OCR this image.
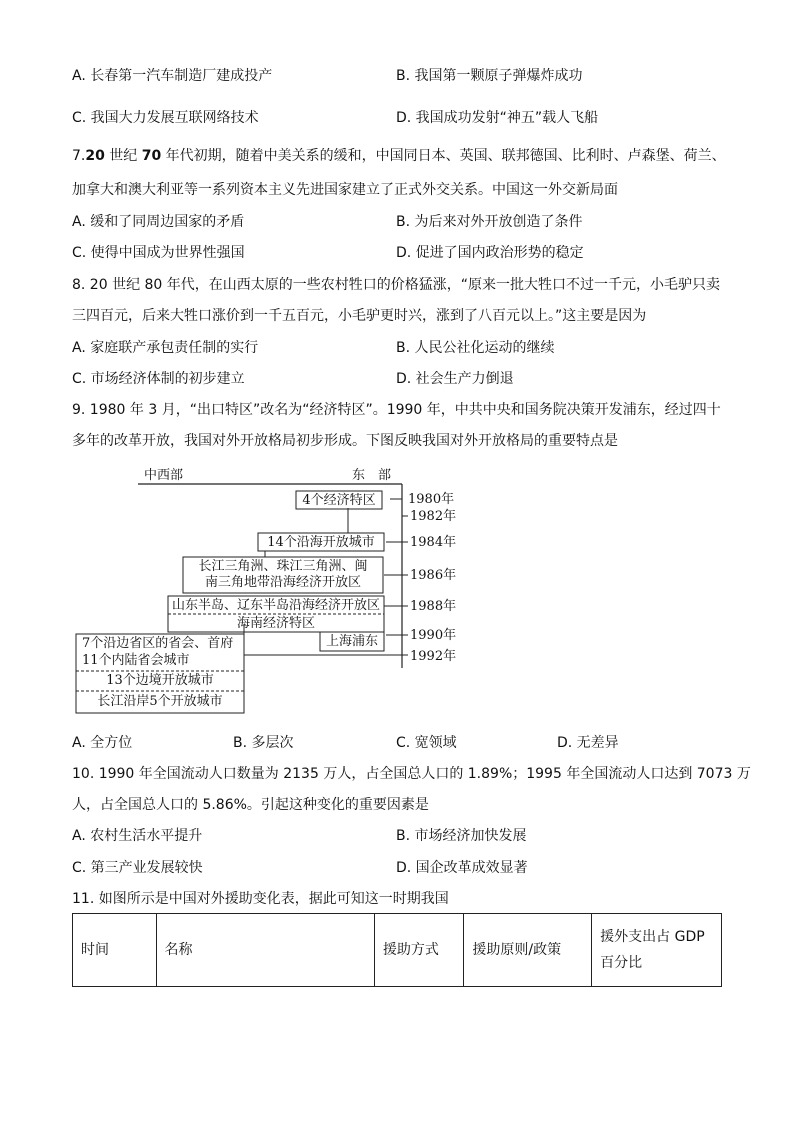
A. 长春第一汽车制造厂建成投产	B. 我国第一颗原子弹爆炸成功
C. 我国大力发展互联网络技术	D. 我国成功发射“神五”载人飞船
7.20 世纪 70 年代初期，随着中美关系的缓和，中国同日本、英国、联邦德国、比利时、卢森堡、荷兰、
加拿大和澳大利亚等一系列资本主义先进国家建立了正式外交关系。中国这一外交新局面
A. 缓和了同周边国家的矛盾	B. 为后来对外开放创造了条件
C. 使得中国成为世界性强国	D. 促进了国内政治形势的稳定
8. 20 世纪 80 年代，在山西太原的一些农村牲口的价格猛涨，“原来一批大牲口不过一千元，小毛驴只卖
三四百元，后来大牲口涨价到一千五百元，小毛驴更时兴，涨到了八百元以上。”这主要是因为
A. 家庭联产承包责任制的实行	B. 人民公社化运动的继续
C. 市场经济体制的初步建立	D. 社会生产力倒退
9. 1980 年 3 月，“出口特区”改名为“经济特区”。1990 年，中共中央和国务院决策开发浦东，经过四十
多年的改革开放，我国对外开放格局初步形成。下图反映我国对外开放格局的重要特点是
中西部	东　部
1980年
1982年
1984年
1986年
1988年
1990年
1992年
4个经济特区
14个沿海开放城市
长江三角洲、珠江三角洲、闽
南三角地带沿海经济开放区
山东半岛、辽东半岛沿海经济开放区
海南经济特区
上海浦东
7个沿边省区的省会、首府
11个内陆省会城市
13个边境开放城市
长江沿岸5个开放城市
A. 全方位	B. 多层次	C. 宽领域	D. 无差异
10. 1990 年全国流动人口数量为 2135 万人，占全国总人口的 1.89%；1995 年全国流动人口达到 7073 万
人，占全国总人口的 5.86%。引起这种变化的重要因素是
A. 农村生活水平提升	B. 市场经济加快发展
C. 第三产业发展较快	D. 国企改革成效显著
11. 如图所示是中国对外援助变化表，据此可知这一时期我国
时间	名称	援助方式	援助原则/政策	援外支出占 GDP 百分比
